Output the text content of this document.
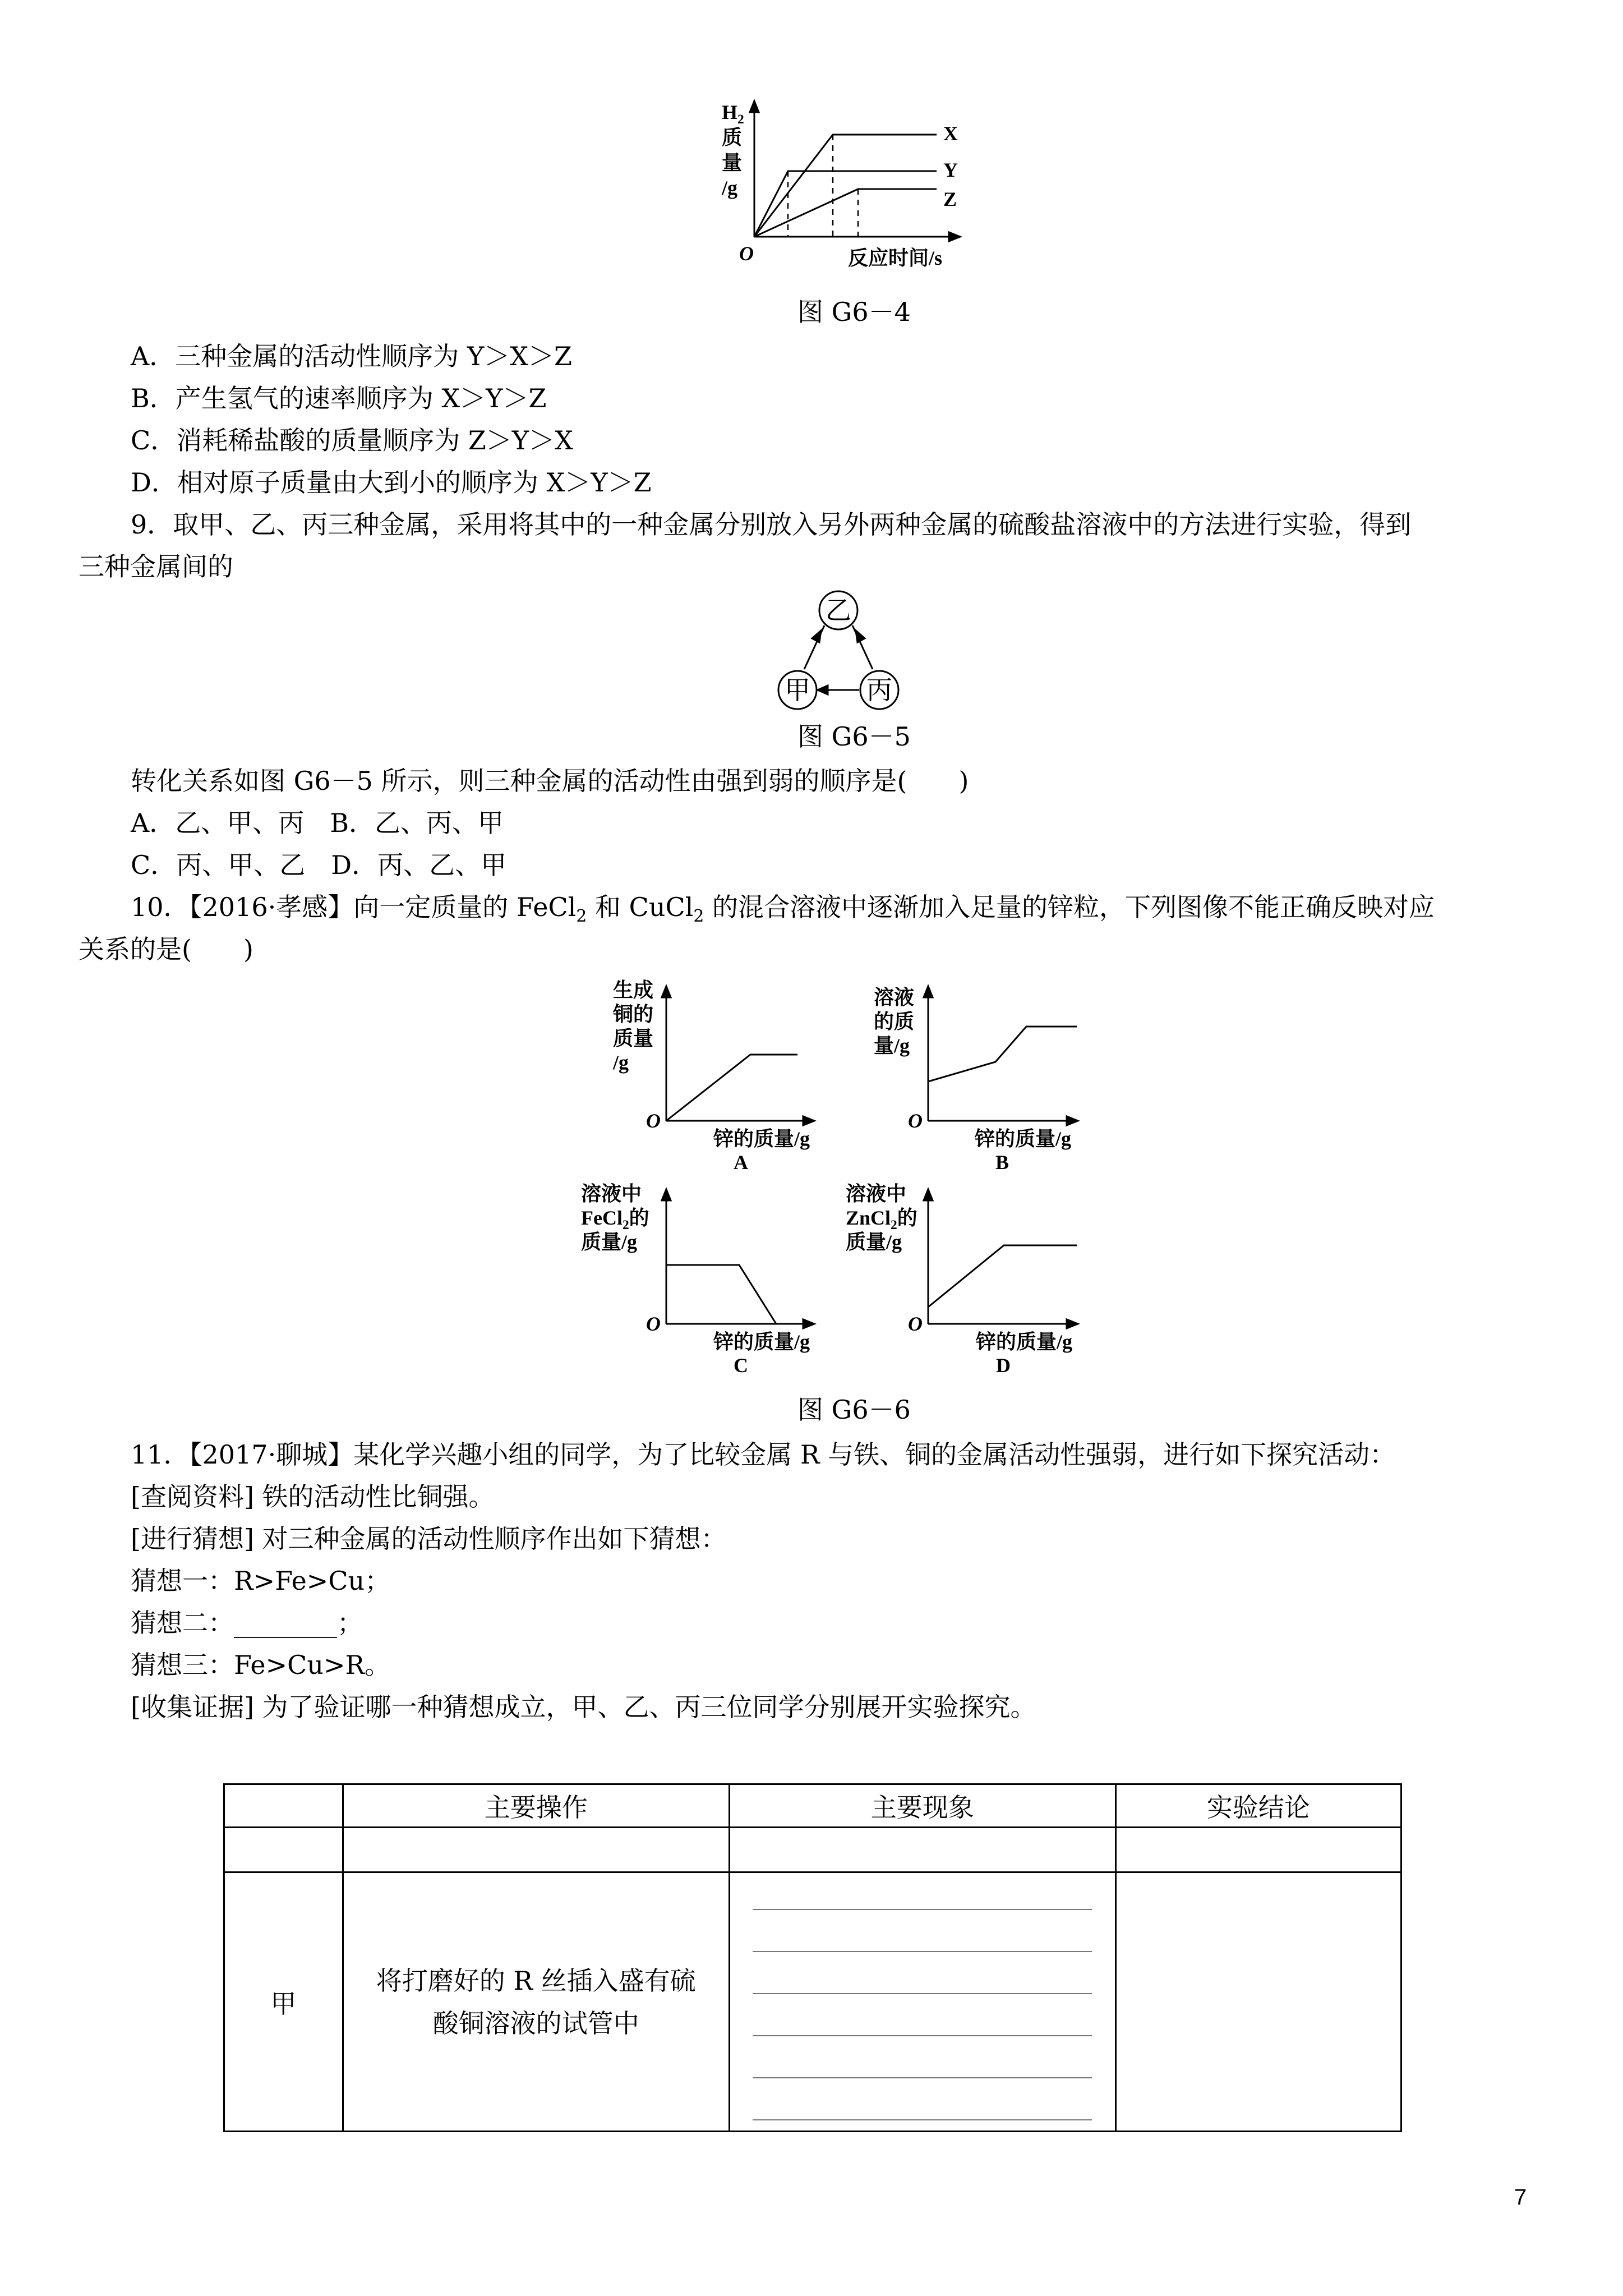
$H_2$
质
量
/g
O	反应时间/s
X
Y
Z
图 G6－4
A．三种金属的活动性顺序为 Y＞X＞Z
B．产生氢气的速率顺序为 X＞Y＞Z
C．消耗稀盐酸的质量顺序为 Z＞Y＞X
D．相对原子质量由大到小的顺序为 X＞Y＞Z
9．取甲、乙、丙三种金属，采用将其中的一种金属分别放入另外两种金属的硫酸盐溶液中的方法进行实验，得到
三种金属间的
乙
甲 丙
图 G6－5
转化关系如图 G6－5 所示，则三种金属的活动性由强到弱的顺序是(　　)
A．乙、甲、丙　B．乙、丙、甲
C．丙、甲、乙　D．丙、乙、甲
10．【2016·孝感】向一定质量的 FeCl$_2$ 和 CuCl$_2$ 的混合溶液中逐渐加入足量的锌粒，下列图像不能正确反映对应
关系的是(　　)
生成
铜的
质量
/g
O
锌的质量/g
A
溶液
的质
量/g
O
锌的质量/g
B
溶液中
FeCl$_2$的
质量/g
O
锌的质量/g
C
溶液中
ZnCl$_2$的
质量/g
O
锌的质量/g
D
图 G6－6
11．【2017·聊城】某化学兴趣小组的同学，为了比较金属 R 与铁、铜的金属活动性强弱，进行如下探究活动：
[查阅资料] 铁的活动性比铜强。
[进行猜想] 对三种金属的活动性顺序作出如下猜想：
猜想一：R>Fe>Cu；
猜想二：________；
猜想三：Fe>Cu>R。
[收集证据] 为了验证哪一种猜想成立，甲、乙、丙三位同学分别展开实验探究。
	主要操作	主要现象	实验结论

甲	将打磨好的 R 丝插入盛有硫
酸铜溶液的试管中

7
